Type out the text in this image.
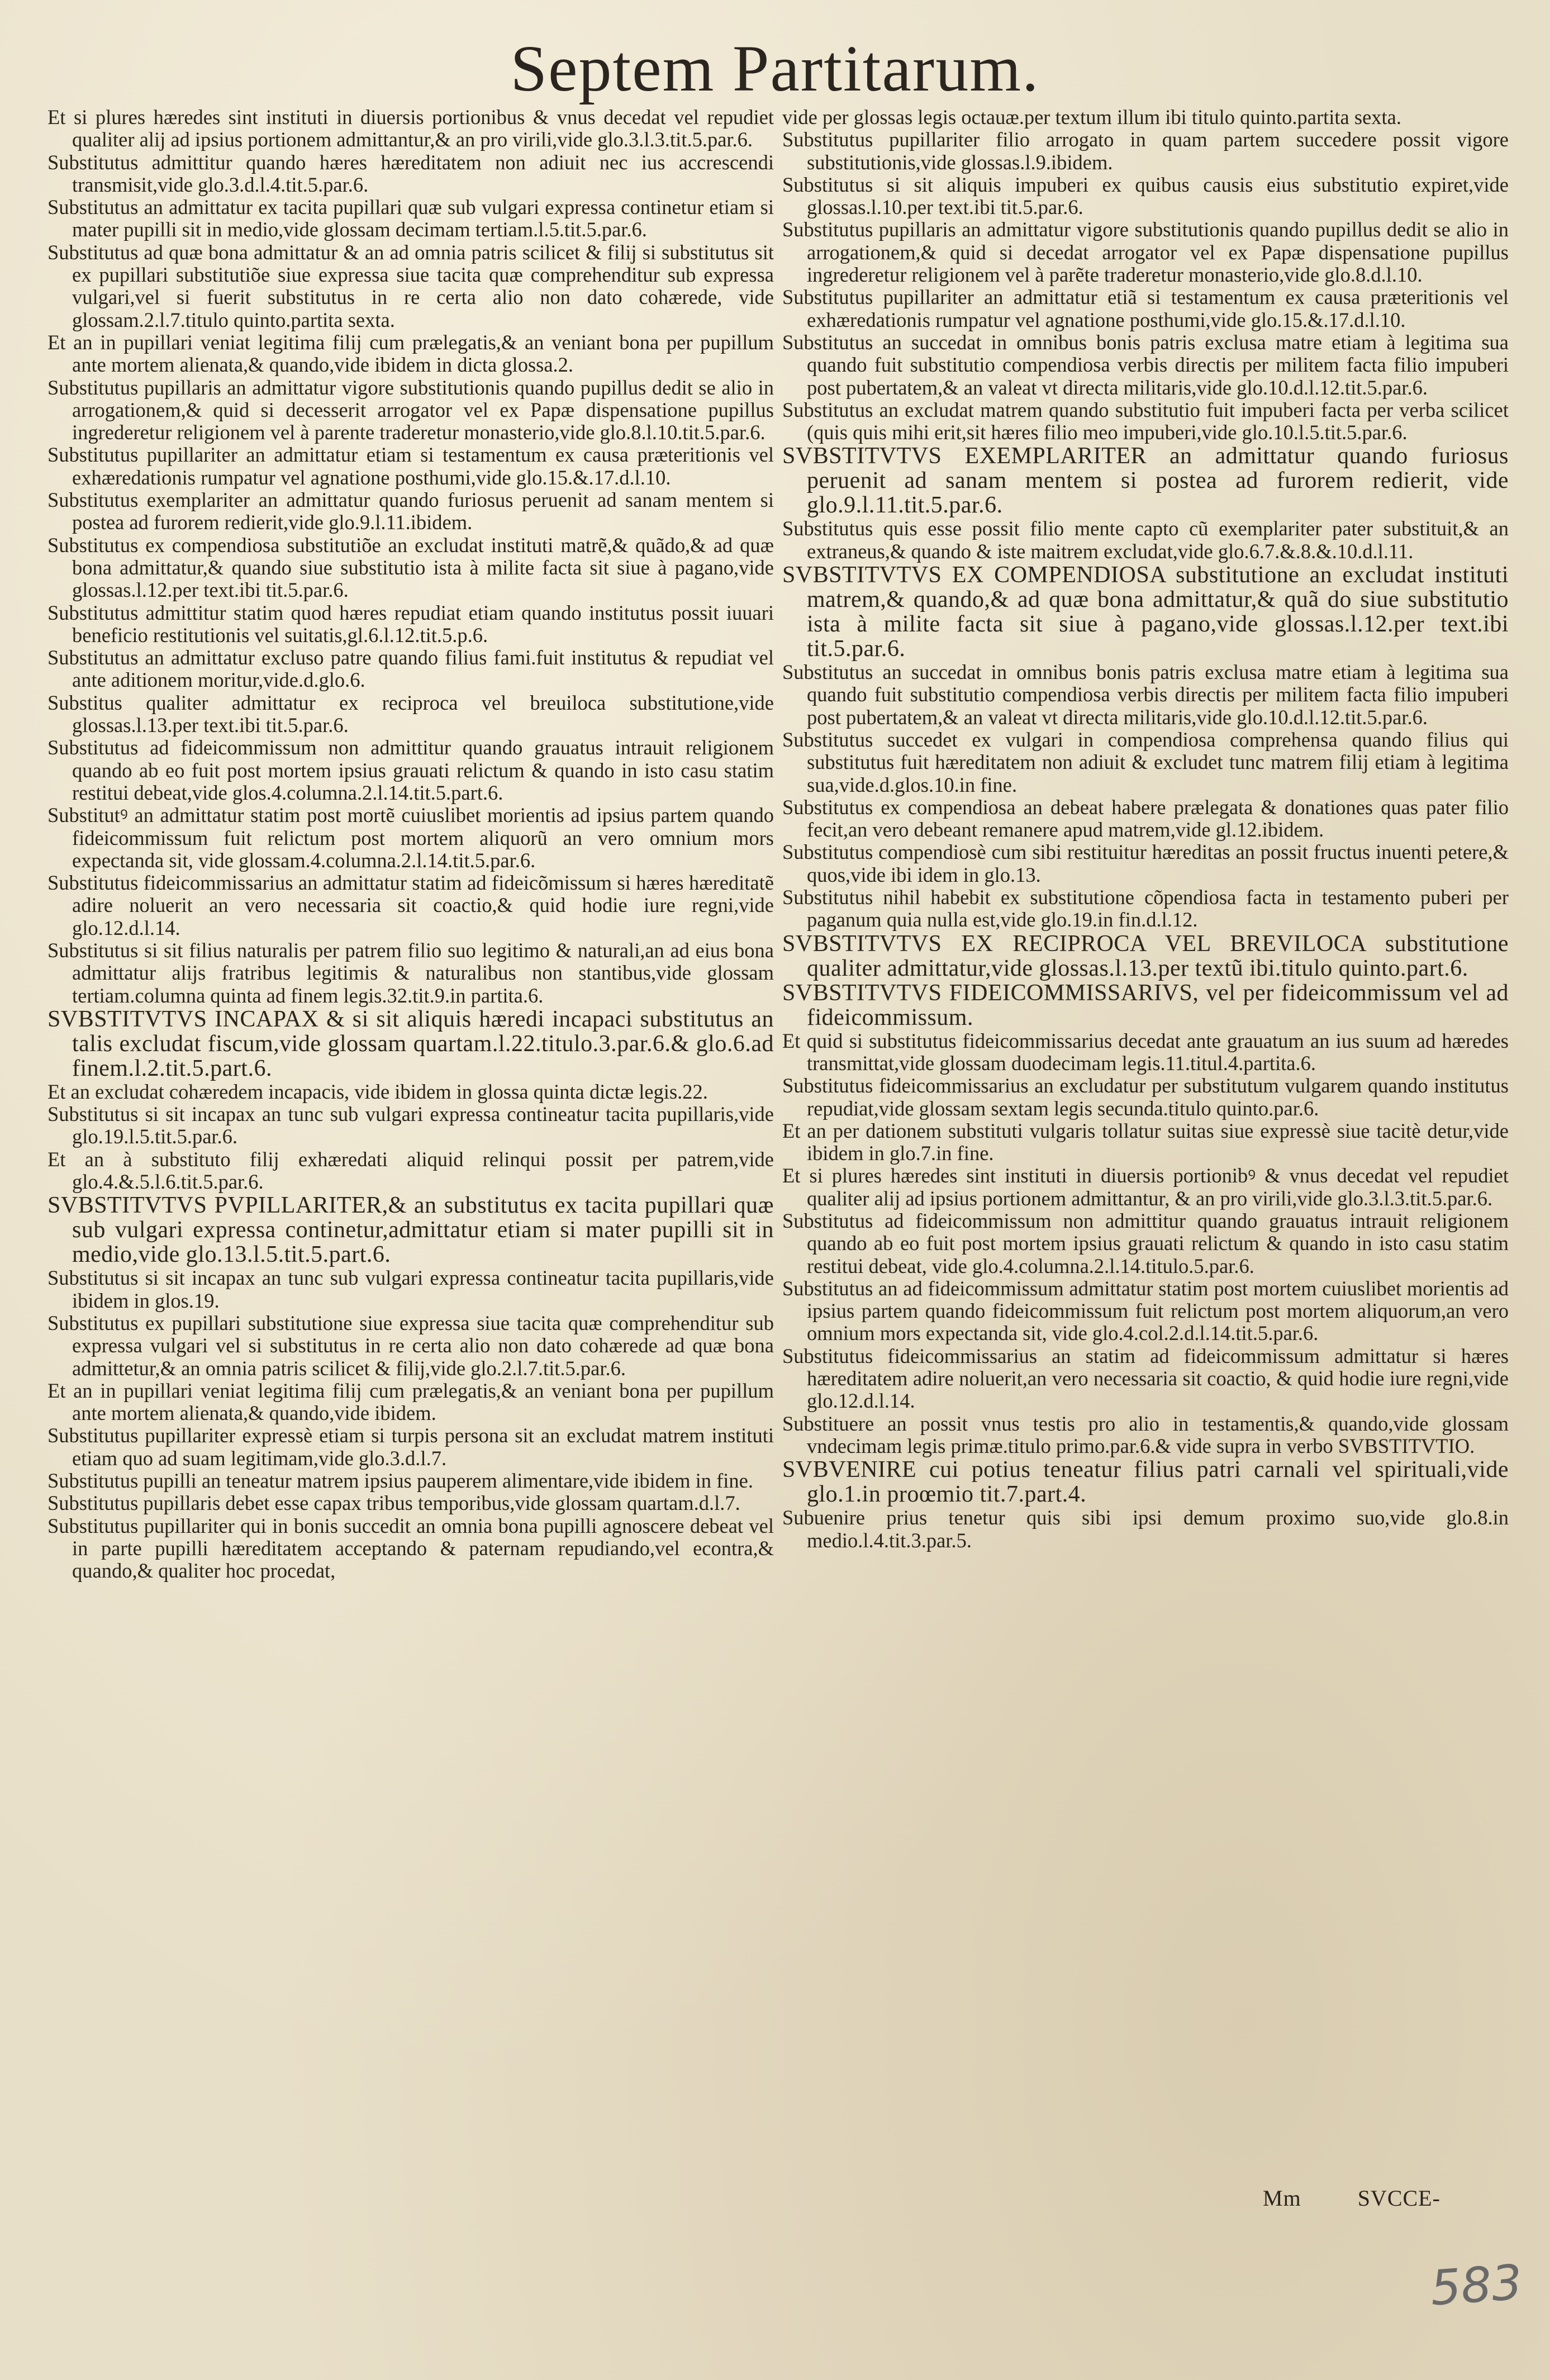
Septem Partitarum.

Et si plures hæredes sint instituti in diuersis portionibus & vnus decedat vel repudiet qualiter alij ad ipsius portionem admittantur,& an pro virili,vide glo.3.l.3.tit.5.par.6.

Substitutus admittitur quando hæres hæreditatem non adiuit nec ius accrescendi transmisit,vide glo.3.d.l.4.tit.5.par.6.

Substitutus an admittatur ex tacita pupillari quæ sub vulgari expressa continetur etiam si mater pupilli sit in medio,vide glossam decimam tertiam.l.5.tit.5.par.6.

Substitutus ad quæ bona admittatur & an ad omnia patris scilicet & filij si substitutus sit ex pupillari substitutiõe siue expressa siue tacita quæ comprehenditur sub expressa vulgari,vel si fuerit substitutus in re certa alio non dato cohærede, vide glossam.2.l.7.titulo quinto.partita sexta.

Et an in pupillari veniat legitima filij cum prælegatis,& an veniant bona per pupillum ante mortem alienata,& quando,vide ibidem in dicta glossa.2.

Substitutus pupillaris an admittatur vigore substitutionis quando pupillus dedit se alio in arrogationem,& quid si decesserit arrogator vel ex Papæ dispensatione pupillus ingrederetur religionem vel à parente traderetur monasterio,vide glo.8.l.10.tit.5.par.6.

Substitutus pupillariter an admittatur etiam si testamentum ex causa præteritionis vel exhæredationis rumpatur vel agnatione posthumi,vide glo.15.&.17.d.l.10.

Substitutus exemplariter an admittatur quando furiosus peruenit ad sanam mentem si postea ad furorem redierit,vide glo.9.l.11.ibidem.

Substitutus ex compendiosa substitutiõe an excludat instituti matrẽ,& quãdo,& ad quæ bona admittatur,& quando siue substitutio ista à milite facta sit siue à pagano,vide glossas.l.12.per text.ibi tit.5.par.6.

Substitutus admittitur statim quod hæres repudiat etiam quando institutus possit iuuari beneficio restitutionis vel suitatis,gl.6.l.12.tit.5.p.6.

Substitutus an admittatur excluso patre quando filius fami.fuit institutus & repudiat vel ante aditionem moritur,vide.d.glo.6.

Substitus qualiter admittatur ex reciproca vel breuiloca substitutione,vide glossas.l.13.per text.ibi tit.5.par.6.

Substitutus ad fideicommissum non admittitur quando grauatus intrauit religionem quando ab eo fuit post mortem ipsius grauati relictum & quando in isto casu statim restitui debeat,vide glos.4.columna.2.l.14.tit.5.part.6.

Substitutꝰ an admittatur statim post mortẽ cuiuslibet morientis ad ipsius partem quando fideicommissum fuit relictum post mortem aliquorũ an vero omnium mors expectanda sit, vide glossam.4.columna.2.l.14.tit.5.par.6.

Substitutus fideicommissarius an admittatur statim ad fideicõmissum si hæres hæreditatẽ adire noluerit an vero necessaria sit coactio,& quid hodie iure regni,vide glo.12.d.l.14.

Substitutus si sit filius naturalis per patrem filio suo legitimo & naturali,an ad eius bona admittatur alijs fratribus legitimis & naturalibus non stantibus,vide glossam tertiam.columna quinta ad finem legis.32.tit.9.in partita.6.

SVBSTITVTVS INCAPAX & si sit aliquis hæredi incapaci substitutus an talis excludat fiscum,vide glossam quartam.l.22.titulo.3.par.6.& glo.6.ad finem.l.2.tit.5.part.6.

Et an excludat cohæredem incapacis, vide ibidem in glossa quinta dictæ legis.22.

Substitutus si sit incapax an tunc sub vulgari expressa contineatur tacita pupillaris,vide glo.19.l.5.tit.5.par.6.

Et an à substituto filij exhæredati aliquid relinqui possit per patrem,vide glo.4.&.5.l.6.tit.5.par.6.

SVBSTITVTVS PVPILLARITER,& an substitutus ex tacita pupillari quæ sub vulgari expressa continetur,admittatur etiam si mater pupilli sit in medio,vide glo.13.l.5.tit.5.part.6.

Substitutus si sit incapax an tunc sub vulgari expressa contineatur tacita pupillaris,vide ibidem in glos.19.

Substitutus ex pupillari substitutione siue expressa siue tacita quæ comprehenditur sub expressa vulgari vel si substitutus in re certa alio non dato cohærede ad quæ bona admittetur,& an omnia patris scilicet & filij,vide glo.2.l.7.tit.5.par.6.

Et an in pupillari veniat legitima filij cum prælegatis,& an veniant bona per pupillum ante mortem alienata,& quando,vide ibidem.

Substitutus pupillariter expressè etiam si turpis persona sit an excludat matrem instituti etiam quo ad suam legitimam,vide glo.3.d.l.7.

Substitutus pupilli an teneatur matrem ipsius pauperem alimentare,vide ibidem in fine.

Substitutus pupillaris debet esse capax tribus temporibus,vide glossam quartam.d.l.7.

Substitutus pupillariter qui in bonis succedit an omnia bona pupilli agnoscere debeat vel in parte pupilli hæreditatem acceptando & paternam repudiando,vel econtra,& quando,& qualiter hoc procedat,

vide per glossas legis octauæ.per textum illum ibi titulo quinto.partita sexta.

Substitutus pupillariter filio arrogato in quam partem succedere possit vigore substitutionis,vide glossas.l.9.ibidem.

Substitutus si sit aliquis impuberi ex quibus causis eius substitutio expiret,vide glossas.l.10.per text.ibi tit.5.par.6.

Substitutus pupillaris an admittatur vigore substitutionis quando pupillus dedit se alio in arrogationem,& quid si decedat arrogator vel ex Papæ dispensatione pupillus ingrederetur religionem vel à parẽte traderetur monasterio,vide glo.8.d.l.10.

Substitutus pupillariter an admittatur etiã si testamentum ex causa præteritionis vel exhæredationis rumpatur vel agnatione posthumi,vide glo.15.&.17.d.l.10.

Substitutus an succedat in omnibus bonis patris exclusa matre etiam à legitima sua quando fuit substitutio compendiosa verbis directis per militem facta filio impuberi post pubertatem,& an valeat vt directa militaris,vide glo.10.d.l.12.tit.5.par.6.

Substitutus an excludat matrem quando substitutio fuit impuberi facta per verba scilicet (quis quis mihi erit,sit hæres filio meo impuberi,vide glo.10.l.5.tit.5.par.6.

SVBSTITVTVS EXEMPLARITER an admittatur quando furiosus peruenit ad sanam mentem si postea ad furorem redierit, vide glo.9.l.11.tit.5.par.6.

Substitutus quis esse possit filio mente capto cũ exemplariter pater substituit,& an extraneus,& quando & iste maitrem excludat,vide glo.6.7.&.8.&.10.d.l.11.

SVBSTITVTVS EX COMPENDIOSA substitutione an excludat instituti matrem,& quando,& ad quæ bona admittatur,& quã do siue substitutio ista à milite facta sit siue à pagano,vide glossas.l.12.per text.ibi tit.5.par.6.

Substitutus an succedat in omnibus bonis patris exclusa matre etiam à legitima sua quando fuit substitutio compendiosa verbis directis per militem facta filio impuberi post pubertatem,& an valeat vt directa militaris,vide glo.10.d.l.12.tit.5.par.6.

Substitutus succedet ex vulgari in compendiosa comprehensa quando filius qui substitutus fuit hæreditatem non adiuit & excludet tunc matrem filij etiam à legitima sua,vide.d.glos.10.in fine.

Substitutus ex compendiosa an debeat habere prælegata & donationes quas pater filio fecit,an vero debeant remanere apud matrem,vide gl.12.ibidem.

Substitutus compendiosè cum sibi restituitur hæreditas an possit fructus inuenti petere,& quos,vide ibi idem in glo.13.

Substitutus nihil habebit ex substitutione cõpendiosa facta in testamento puberi per paganum quia nulla est,vide glo.19.in fin.d.l.12.

SVBSTITVTVS EX RECIPROCA VEL BREVILOCA substitutione qualiter admittatur,vide glossas.l.13.per textũ ibi.titulo quinto.part.6.

SVBSTITVTVS FIDEICOMMISSARIVS, vel per fideicommissum vel ad fideicommissum.

Et quid si substitutus fideicommissarius decedat ante grauatum an ius suum ad hæredes transmittat,vide glossam duodecimam legis.11.titul.4.partita.6.

Substitutus fideicommissarius an excludatur per substitutum vulgarem quando institutus repudiat,vide glossam sextam legis secunda.titulo quinto.par.6.

Et an per dationem substituti vulgaris tollatur suitas siue expressè siue tacitè detur,vide ibidem in glo.7.in fine.

Et si plures hæredes sint instituti in diuersis portionibꝰ & vnus decedat vel repudiet qualiter alij ad ipsius portionem admittantur, & an pro virili,vide glo.3.l.3.tit.5.par.6.

Substitutus ad fideicommissum non admittitur quando grauatus intrauit religionem quando ab eo fuit post mortem ipsius grauati relictum & quando in isto casu statim restitui debeat, vide glo.4.columna.2.l.14.titulo.5.par.6.

Substitutus an ad fideicommissum admittatur statim post mortem cuiuslibet morientis ad ipsius partem quando fideicommissum fuit relictum post mortem aliquorum,an vero omnium mors expectanda sit, vide glo.4.col.2.d.l.14.tit.5.par.6.

Substitutus fideicommissarius an statim ad fideicommissum admittatur si hæres hæreditatem adire noluerit,an vero necessaria sit coactio, & quid hodie iure regni,vide glo.12.d.l.14.

Substituere an possit vnus testis pro alio in testamentis,& quando,vide glossam vndecimam legis primæ.titulo primo.par.6.& vide supra in verbo SVBSTITVTIO.

SVBVENIRE cui potius teneatur filius patri carnali vel spirituali,vide glo.1.in proœmio tit.7.part.4.

Subuenire prius tenetur quis sibi ipsi demum proximo suo,vide glo.8.in medio.l.4.tit.3.par.5.

Mm	SVCCE-
583
